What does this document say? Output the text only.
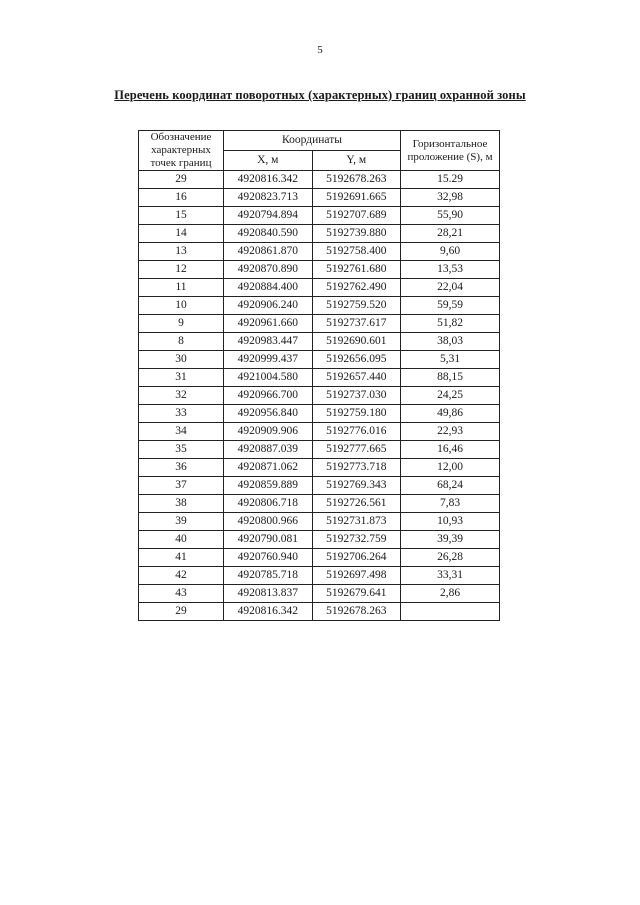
5
Перечень координат поворотных (характерных) границ охранной зоны
Обозначение характерных точек границ	Координаты		Горизонтальное проложение (S), м
	X, м	Y, м	
29	4920816.342	5192678.263	15.29
16	4920823.713	5192691.665	32,98
15	4920794.894	5192707.689	55,90
14	4920840.590	5192739.880	28,21
13	4920861.870	5192758.400	9,60
12	4920870.890	5192761.680	13,53
11	4920884.400	5192762.490	22,04
10	4920906.240	5192759.520	59,59
9	4920961.660	5192737.617	51,82
8	4920983.447	5192690.601	38,03
30	4920999.437	5192656.095	5,31
31	4921004.580	5192657.440	88,15
32	4920966.700	5192737.030	24,25
33	4920956.840	5192759.180	49,86
34	4920909.906	5192776.016	22,93
35	4920887.039	5192777.665	16,46
36	4920871.062	5192773.718	12,00
37	4920859.889	5192769.343	68,24
38	4920806.718	5192726.561	7,83
39	4920800.966	5192731.873	10,93
40	4920790.081	5192732.759	39,39
41	4920760.940	5192706.264	26,28
42	4920785.718	5192697.498	33,31
43	4920813.837	5192679.641	2,86
29	4920816.342	5192678.263	
